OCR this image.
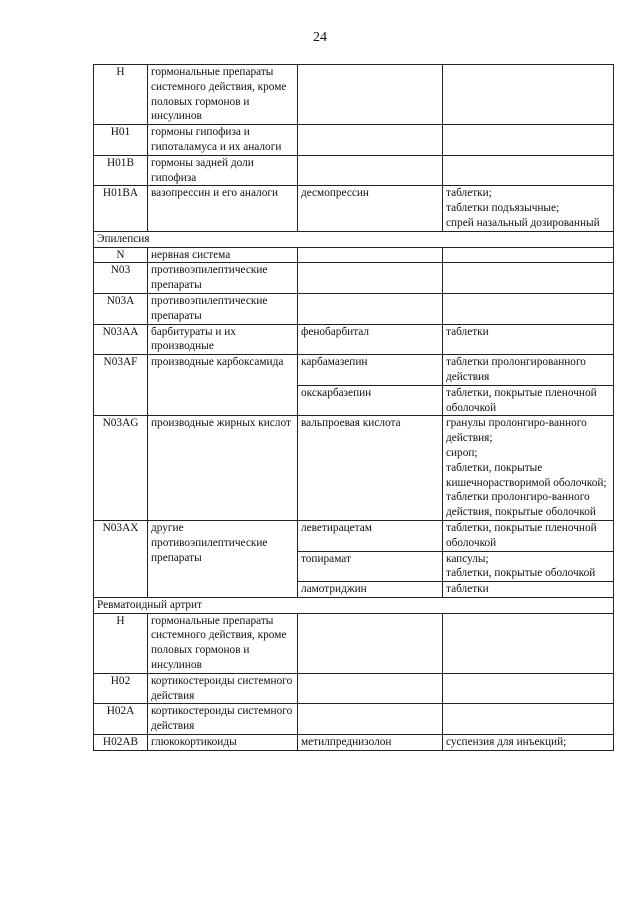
24
H	гормональные препараты системного действия, кроме половых гормонов и инсулинов		
H01	гормоны гипофиза и гипоталамуса и их аналоги		
H01B	гормоны задней доли гипофиза		
H01BA	вазопрессин и его аналоги	десмопрессин	таблетки;
таблетки подъязычные;
спрей назальный дозированный
Эпилепсия			
N	нервная система		
N03	противоэпилептические препараты		
N03A	противоэпилептические препараты		
N03AA	барбитураты и их производные	фенобарбитал	таблетки
N03AF	производные карбоксамида	карбамазепин	таблетки пролонгированного действия
		окскарбазепин	таблетки, покрытые пленочной оболочкой
N03AG	производные жирных кислот	вальпроевая кислота	гранулы пролонгиро-ванного действия;
сироп;
таблетки, покрытые кишечнорастворимой оболочкой;
таблетки пролонгиро-ванного действия, покрытые оболочкой
N03AX	другие противоэпилептические препараты	леветирацетам	таблетки, покрытые пленочной оболочкой
		топирамат	капсулы;
таблетки, покрытые оболочкой
		ламотриджин	таблетки
Ревматоидный артрит			
H	гормональные препараты системного действия, кроме половых гормонов и инсулинов		
H02	кортикостероиды системного действия		
H02A	кортикостероиды системного действия		
H02AB	глюкокортикоиды	метилпреднизолон	суспензия для инъекций;
